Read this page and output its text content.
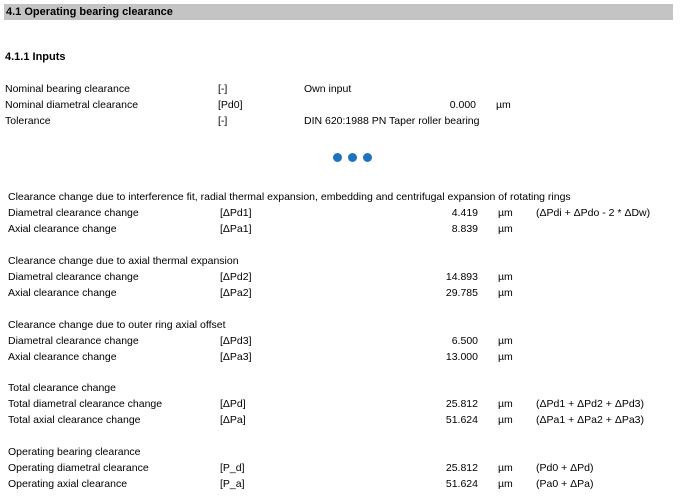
4.1 Operating bearing clearance
4.1.1 Inputs
Nominal bearing clearance	[-]	Own input
Nominal diametral clearance	[Pd0]	0.000 µm
Tolerance	[-]	DIN 620:1988 PN Taper roller bearing
Clearance change due to interference fit, radial thermal expansion, embedding and centrifugal expansion of rotating rings
Diametral clearance change	[ΔPd1]	4.419 µm (ΔPdi + ΔPdo - 2 * ΔDw)
Axial clearance change	[ΔPa1]	8.839 µm
Clearance change due to axial thermal expansion
Diametral clearance change	[ΔPd2]	14.893 µm
Axial clearance change	[ΔPa2]	29.785 µm
Clearance change due to outer ring axial offset
Diametral clearance change	[ΔPd3]	6.500 µm
Axial clearance change	[ΔPa3]	13.000 µm
Total clearance change
Total diametral clearance change	[ΔPd]	25.812 µm (ΔPd1 + ΔPd2 + ΔPd3)
Total axial clearance change	[ΔPa]	51.624 µm (ΔPa1 + ΔPa2 + ΔPa3)
Operating bearing clearance
Operating diametral clearance	[P_d]	25.812 µm (Pd0 + ΔPd)
Operating axial clearance	[P_a]	51.624 µm (Pa0 + ΔPa)
